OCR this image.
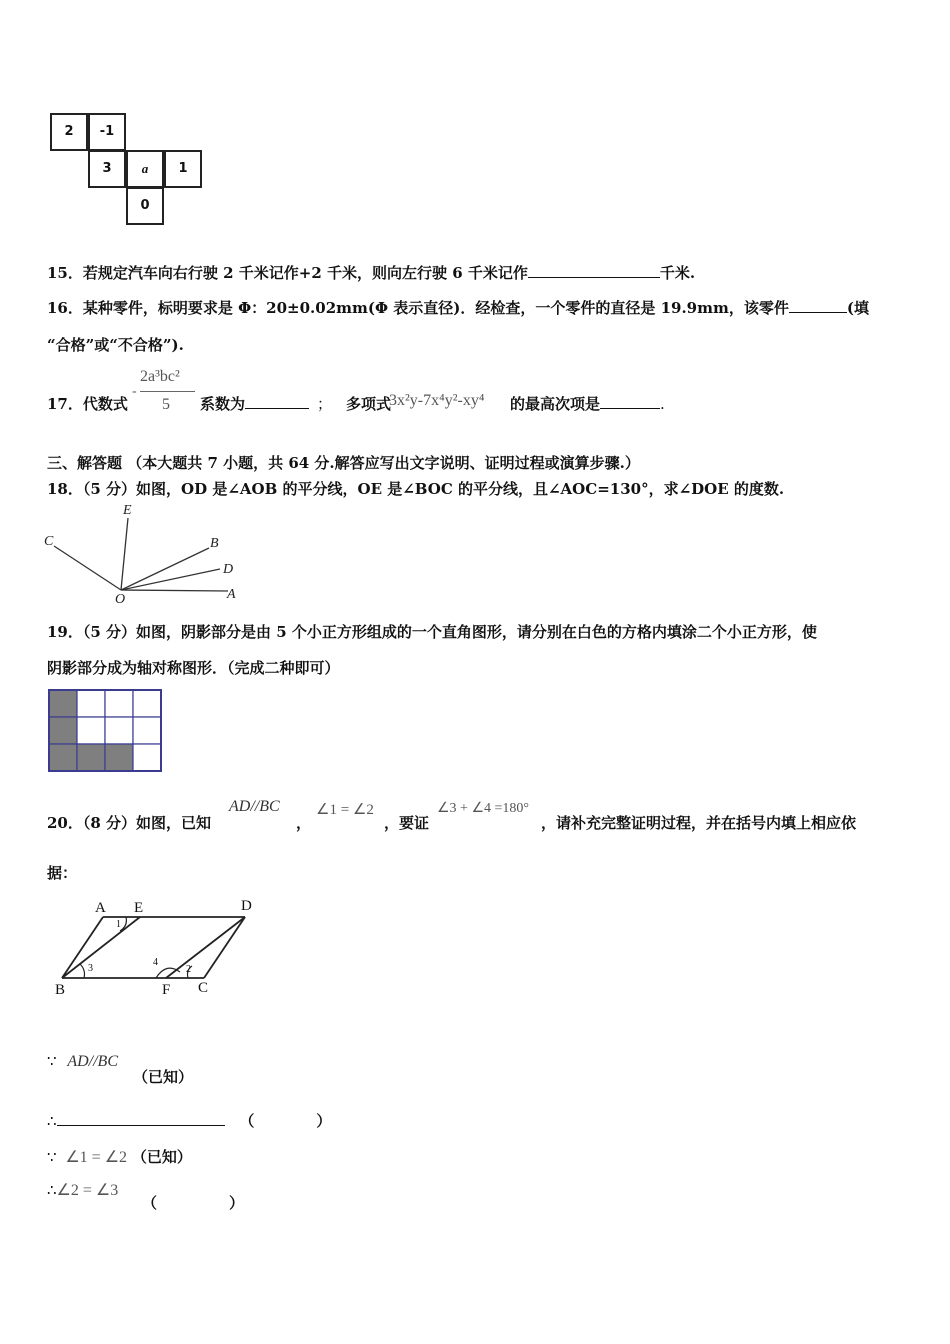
2	-1
3	a	1
0
15．若规定汽车向右行驶 2 千米记作+2 千米，则向左行驶 6 千米记作	千米.
16．某种零件，标明要求是 Φ：20±0.02mm(Φ 表示直径)．经检查，一个零件的直径是 19.9mm，该零件	(填
“合格”或“不合格”).
17．代数式
-
2a³bc²
5 系数为	； 多项式
3x²y-7x⁴y²-xy⁴ 的最高次项是	.
三、解答题 （本大题共 7 小题，共 64 分.解答应写出文字说明、证明过程或演算步骤.）
18．（5 分）如图，OD 是∠AOB 的平分线，OE 是∠BOC 的平分线，且∠AOC=130°，求∠DOE 的度数.
E
C	B
D
O	A
19．（5 分）如图，阴影部分是由 5 个小正方形组成的一个直角图形，请分别在白色的方格内填涂二个小正方形，使
阴影部分成为轴对称图形．（完成二种即可）
20．（8 分）如图，已知
AD//BC
，
∠1 = ∠2
，要证
∠3 + ∠4 =180°
，请补充完整证明过程，并在括号内填上相应依
据：
A E	D
B	F C
1
2
3
4
∵ AD//BC
（已知）
∴	（	）
∵ ∠1 = ∠2 （已知）
∴∠2 = ∠3
（	）
